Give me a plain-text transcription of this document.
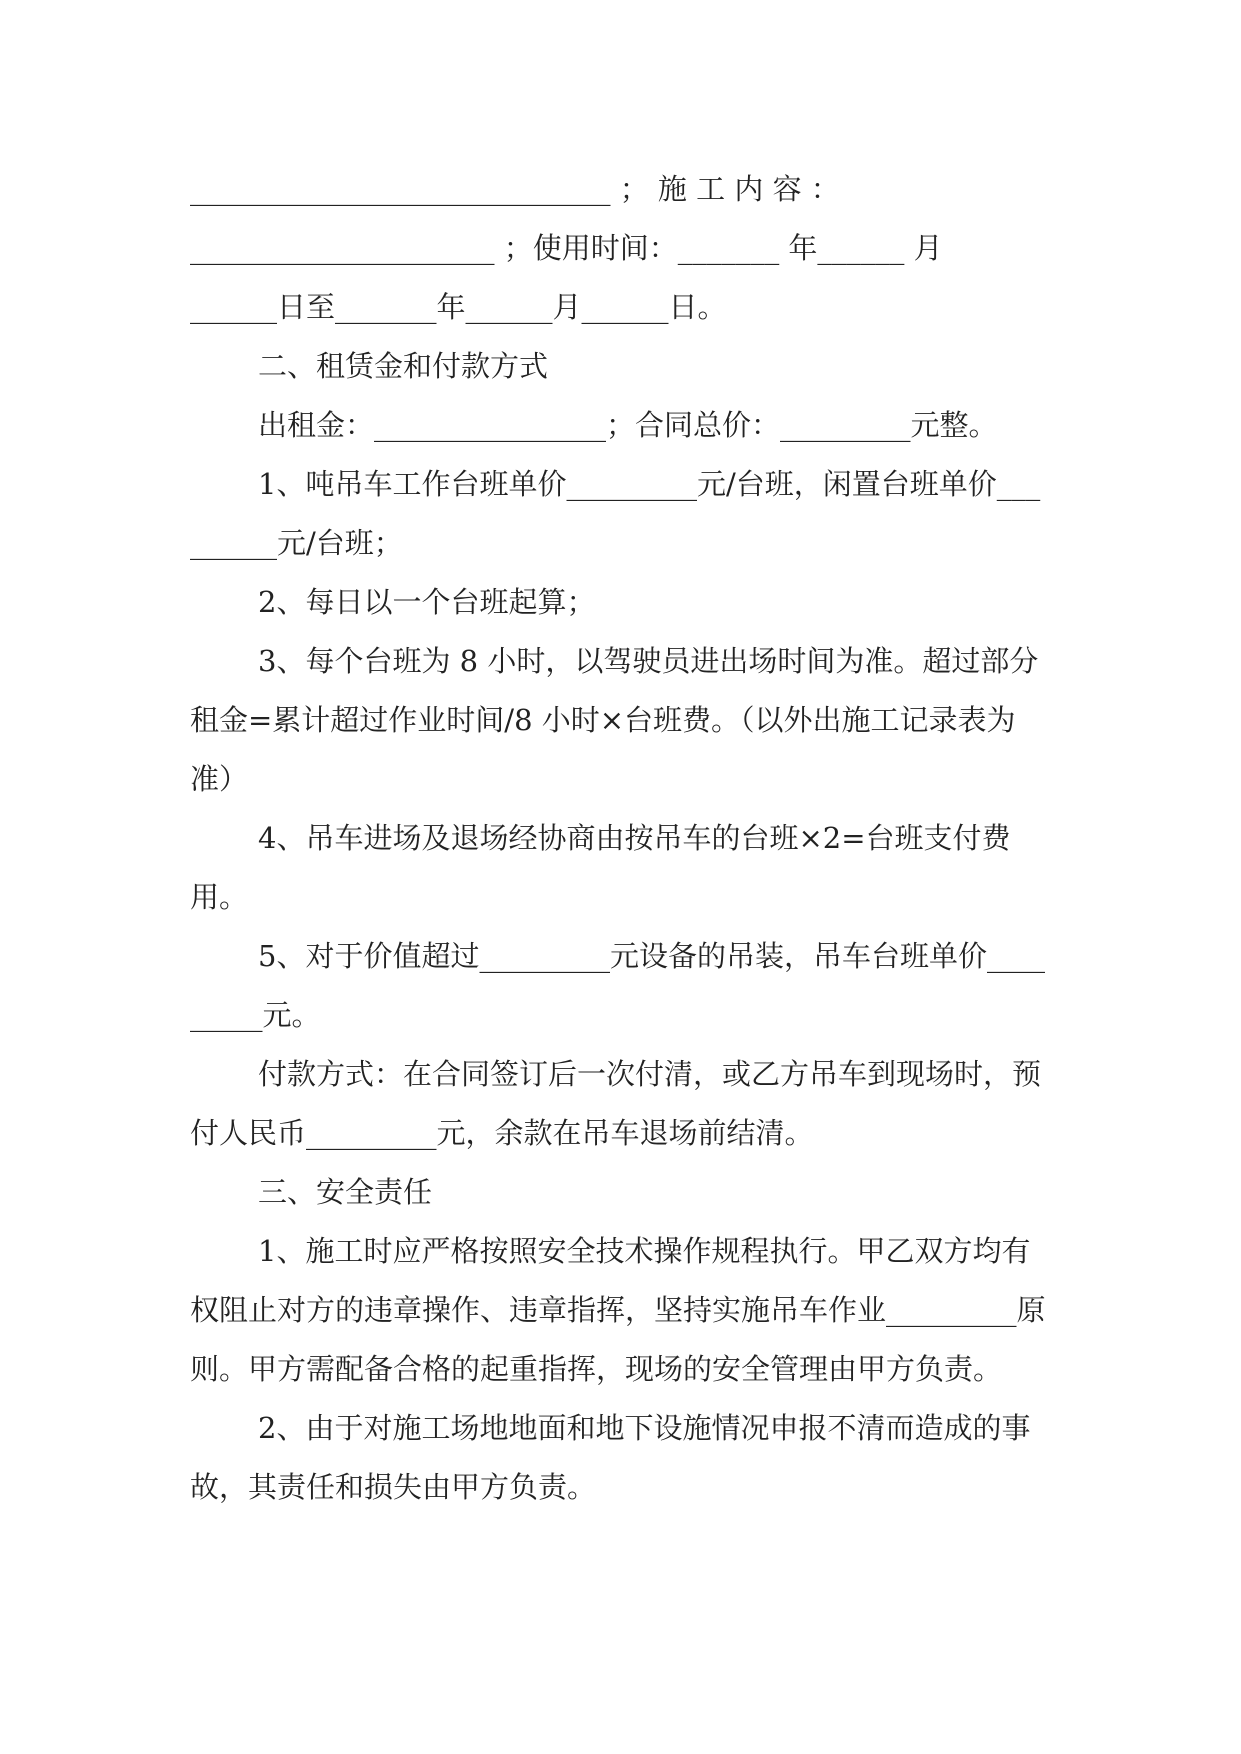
_____________________________ ； 施 工 内 容 ：
_____________________ ；使用时间：_______ 年______ 月
______日至_______年______月______日。
二、租赁金和付款方式
出租金：________________；合同总价：_________元整。
1、吨吊车工作台班单价_________元/台班，闲置台班单价_________元/台班；
2、每日以一个台班起算；
3、每个台班为 8 小时，以驾驶员进出场时间为准。超过部分租金=累计超过作业时间/8 小时×台班费。（以外出施工记录表为准）
4、吊车进场及退场经协商由按吊车的台班×2=台班支付费用。
5、对于价值超过_________元设备的吊装，吊车台班单价_________元。
付款方式：在合同签订后一次付清，或乙方吊车到现场时，预付人民币_________元，余款在吊车退场前结清。
三、安全责任
1、施工时应严格按照安全技术操作规程执行。甲乙双方均有权阻止对方的违章操作、违章指挥，坚持实施吊车作业_________原则。甲方需配备合格的起重指挥，现场的安全管理由甲方负责。
2、由于对施工场地地面和地下设施情况申报不清而造成的事故，其责任和损失由甲方负责。
